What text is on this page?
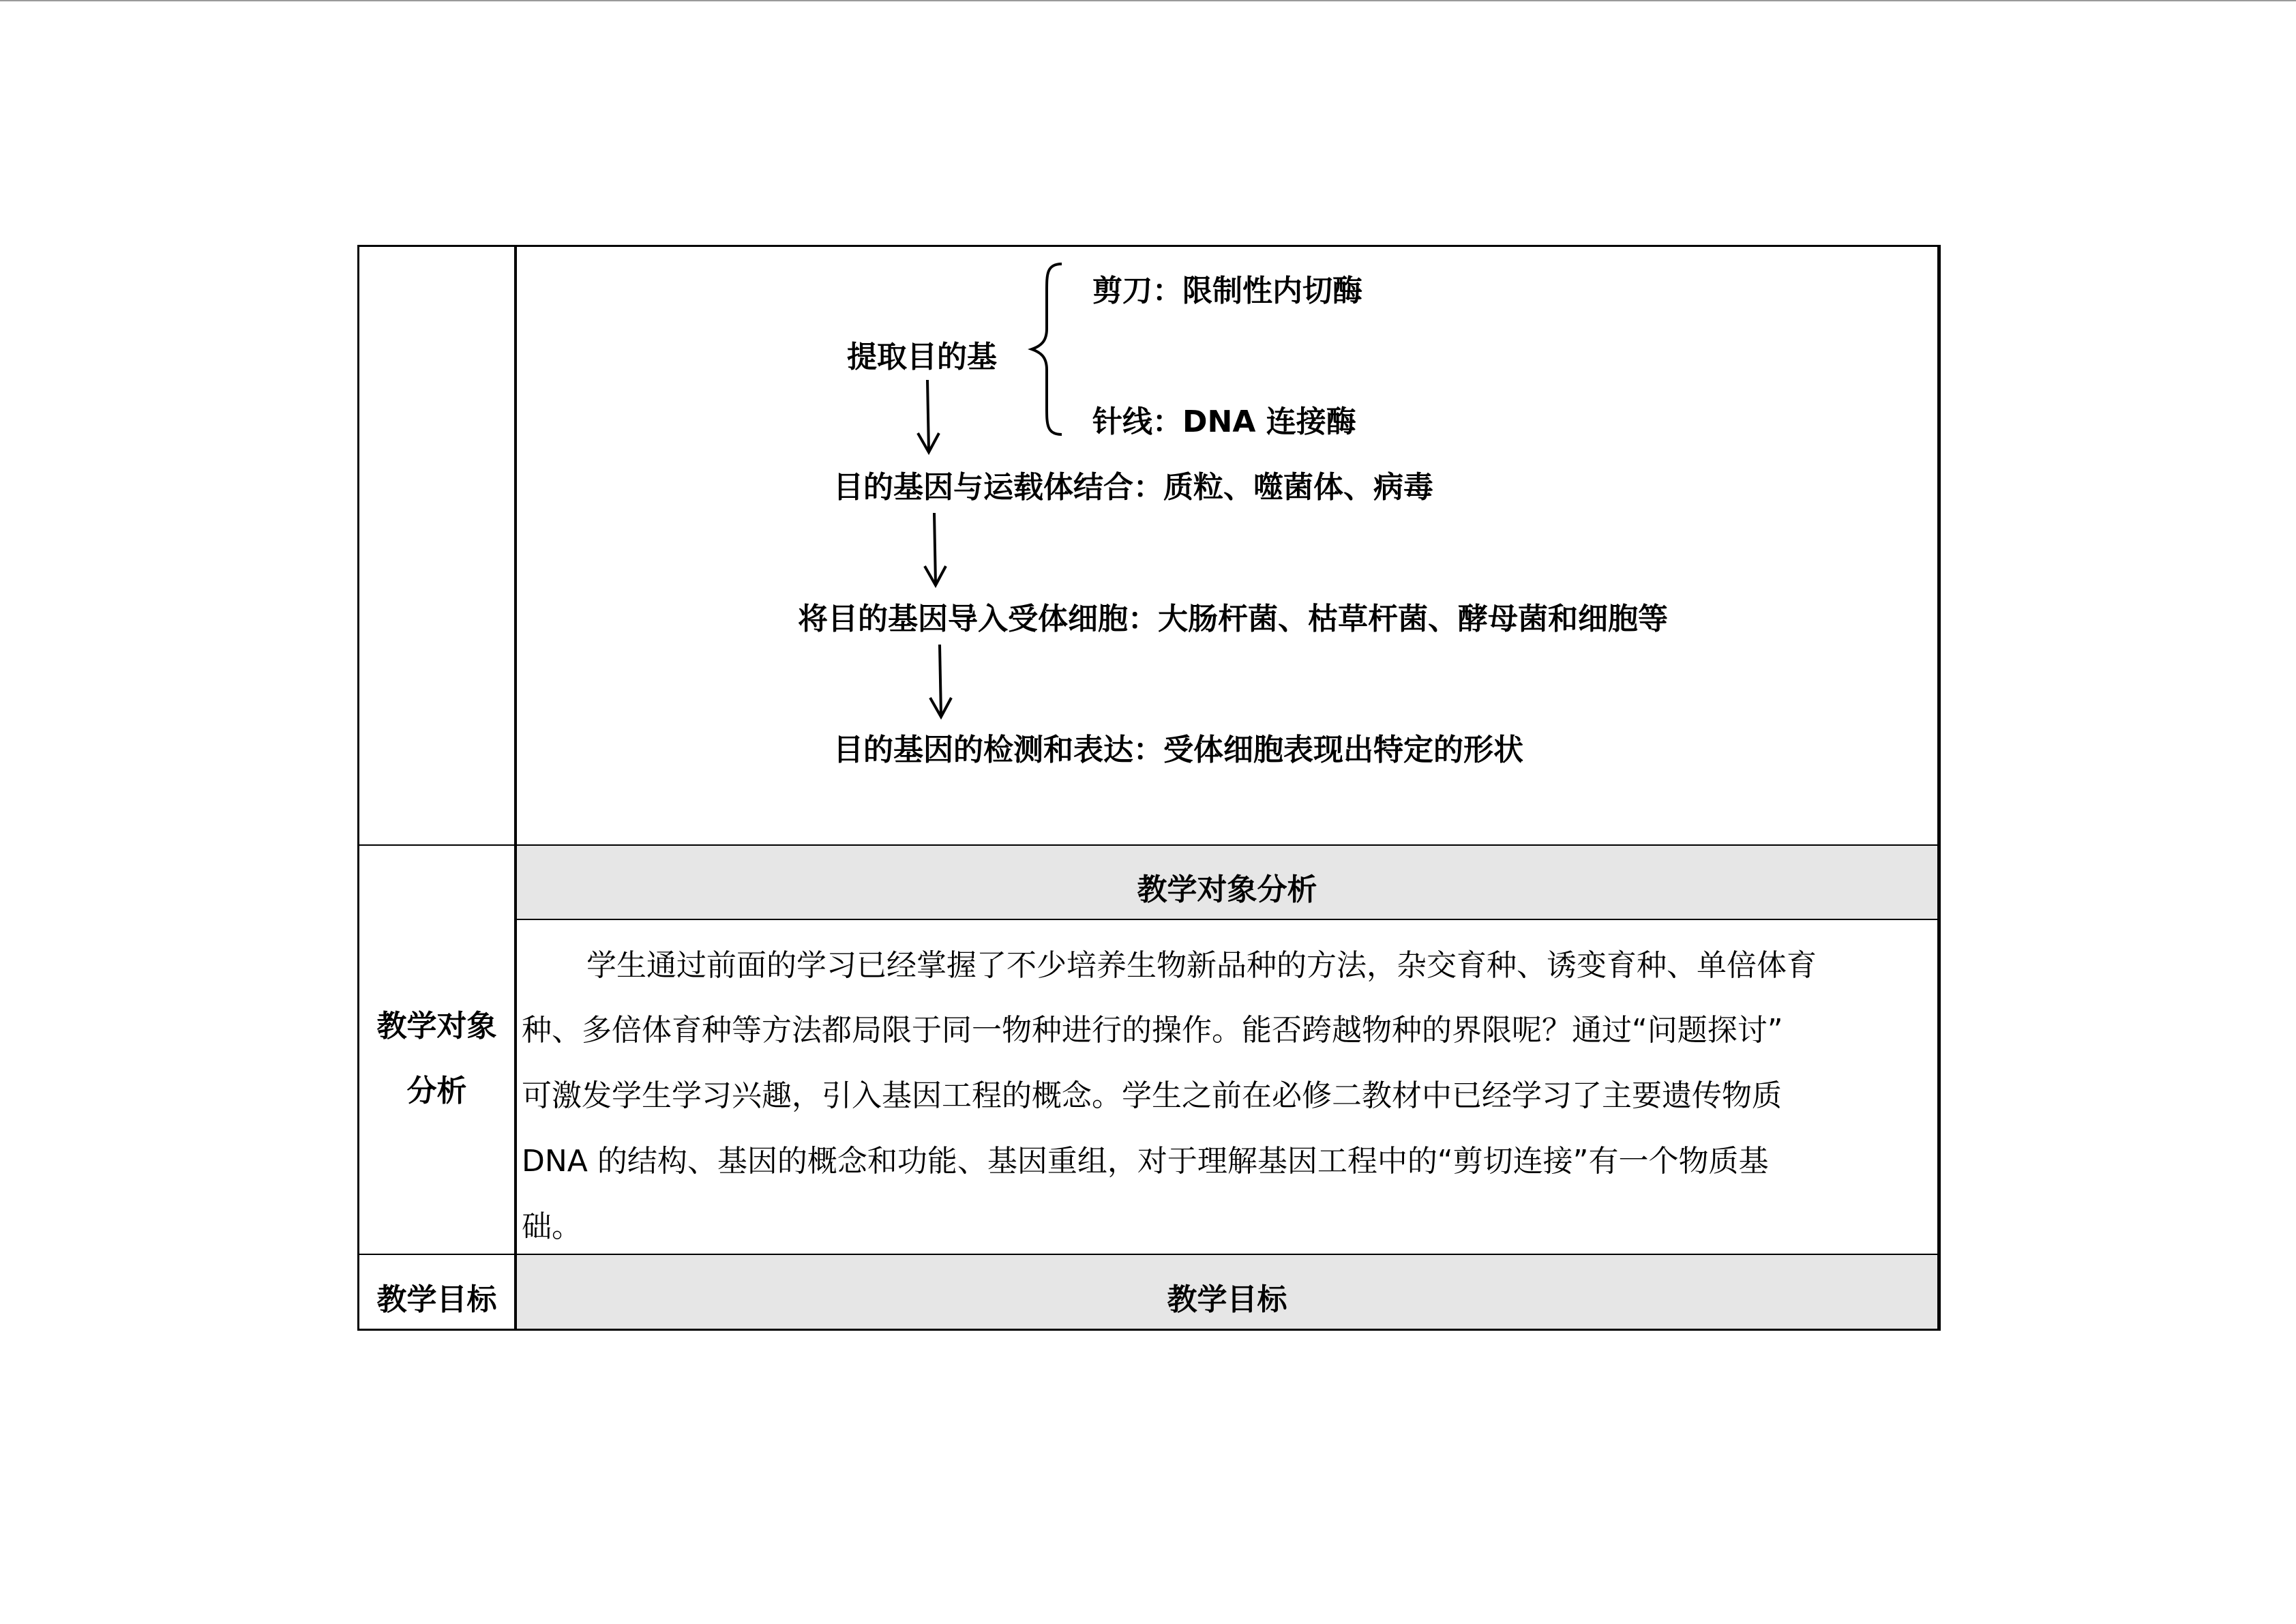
提取目的基
剪刀：限制性内切酶
针线：DNA 连接酶
目的基因与运载体结合：质粒、噬菌体、病毒
将目的基因导入受体细胞：大肠杆菌、枯草杆菌、酵母菌和细胞等
目的基因的检测和表达：受体细胞表现出特定的形状
教学对象
分析
教学对象分析
学生通过前面的学习已经掌握了不少培养生物新品种的方法，杂交育种、诱变育种、单倍体育
种、多倍体育种等方法都局限于同一物种进行的操作。能否跨越物种的界限呢？通过“问题探讨”
可激发学生学习兴趣，引入基因工程的概念。学生之前在必修二教材中已经学习了主要遗传物质
DNA 的结构、基因的概念和功能、基因重组，对于理解基因工程中的“剪切连接”有一个物质基
础。
教学目标	教学目标
